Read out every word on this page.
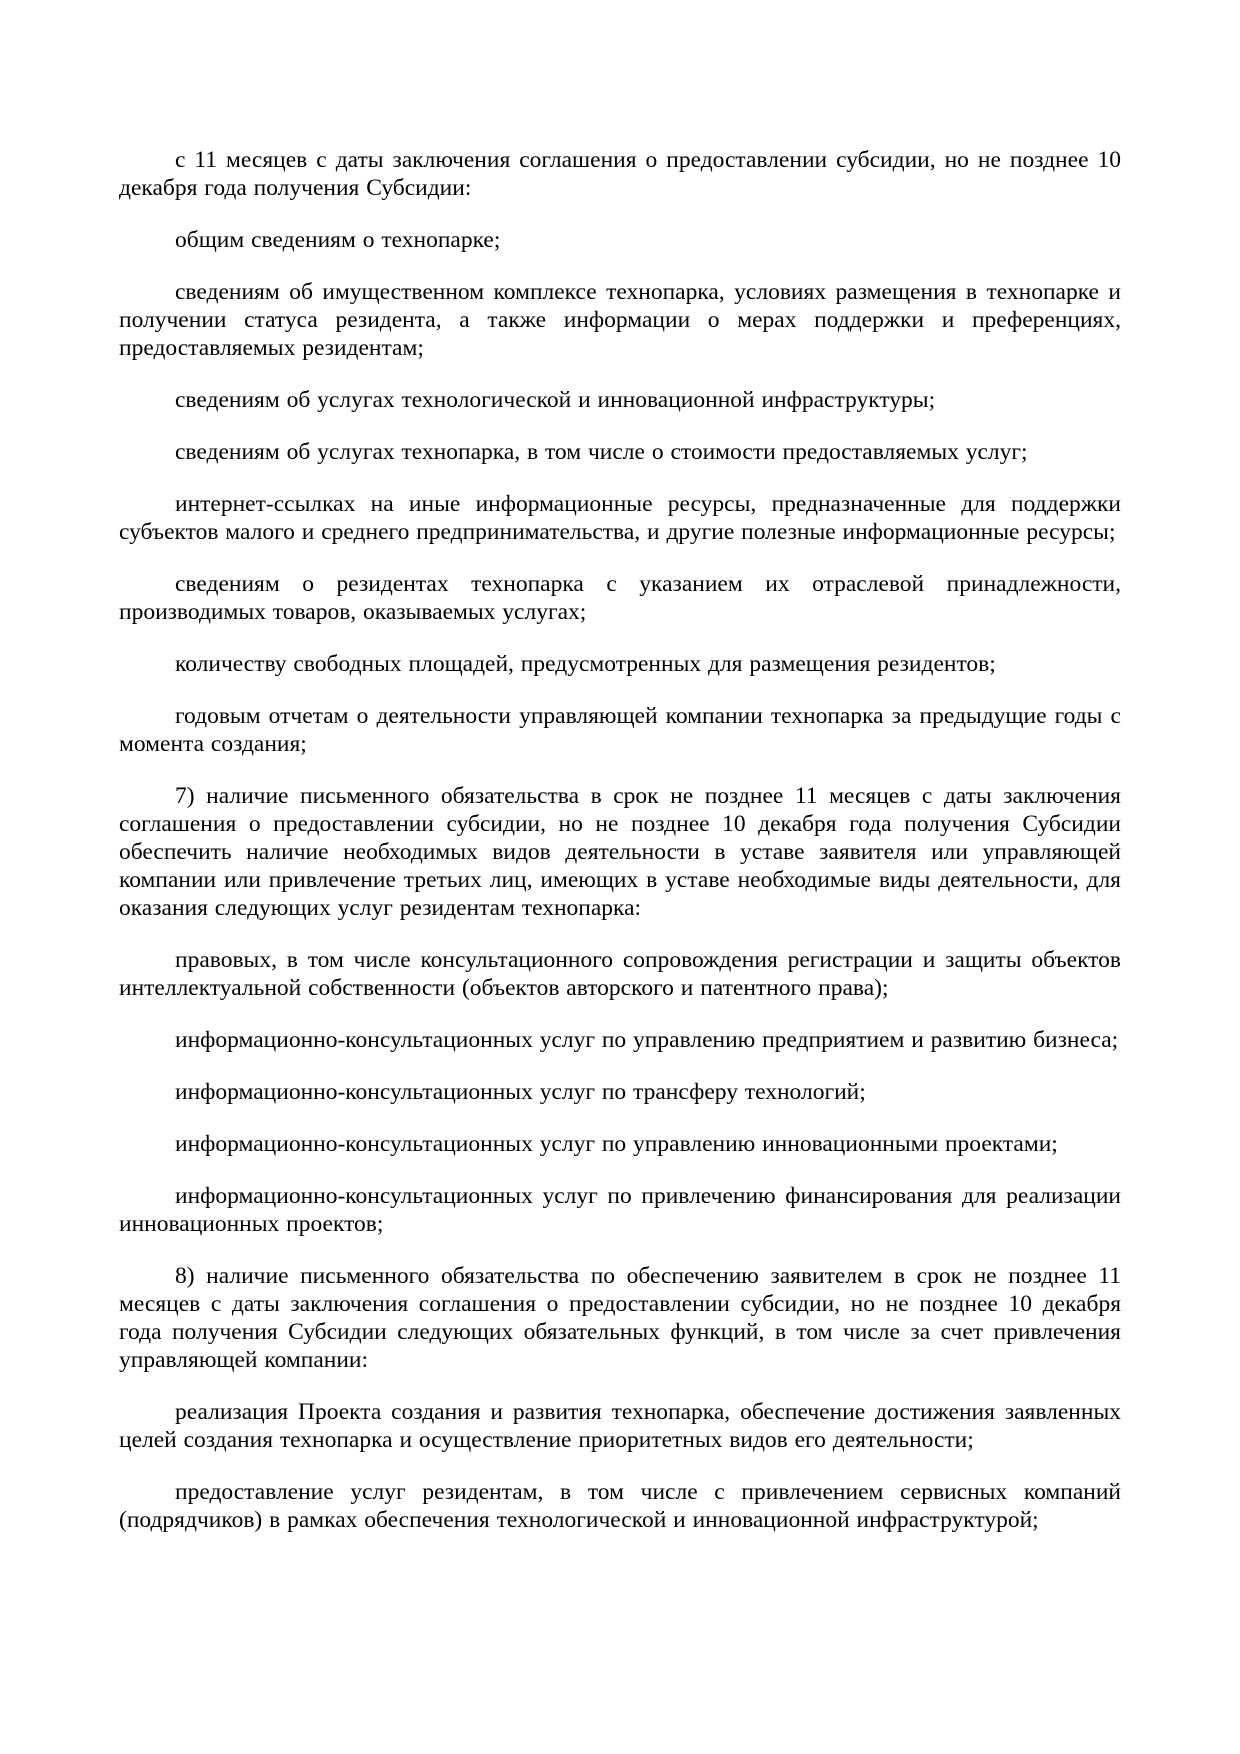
с 11 месяцев с даты заключения соглашения о предоставлении субсидии, но не позднее 10 декабря года получения Субсидии:

общим сведениям о технопарке;

сведениям об имущественном комплексе технопарка, условиях размещения в технопарке и получении статуса резидента, а также информации о мерах поддержки и преференциях, предоставляемых резидентам;

сведениям об услугах технологической и инновационной инфраструктуры;

сведениям об услугах технопарка, в том числе о стоимости предоставляемых услуг;

интернет-ссылках на иные информационные ресурсы, предназначенные для поддержки субъектов малого и среднего предпринимательства, и другие полезные информационные ресурсы;

сведениям о резидентах технопарка с указанием их отраслевой принадлежности, производимых товаров, оказываемых услугах;

количеству свободных площадей, предусмотренных для размещения резидентов;

годовым отчетам о деятельности управляющей компании технопарка за предыдущие годы с момента создания;

7) наличие письменного обязательства в срок не позднее 11 месяцев с даты заключения соглашения о предоставлении субсидии, но не позднее 10 декабря года получения Субсидии обеспечить наличие необходимых видов деятельности в уставе заявителя или управляющей компании или привлечение третьих лиц, имеющих в уставе необходимые виды деятельности, для оказания следующих услуг резидентам технопарка:

правовых, в том числе консультационного сопровождения регистрации и защиты объектов интеллектуальной собственности (объектов авторского и патентного права);

информационно-консультационных услуг по управлению предприятием и развитию бизнеса;

информационно-консультационных услуг по трансферу технологий;

информационно-консультационных услуг по управлению инновационными проектами;

информационно-консультационных услуг по привлечению финансирования для реализации инновационных проектов;

8) наличие письменного обязательства по обеспечению заявителем в срок не позднее 11 месяцев с даты заключения соглашения о предоставлении субсидии, но не позднее 10 декабря года получения Субсидии следующих обязательных функций, в том числе за счет привлечения управляющей компании:

реализация Проекта создания и развития технопарка, обеспечение достижения заявленных целей создания технопарка и осуществление приоритетных видов его деятельности;

предоставление услуг резидентам, в том числе с привлечением сервисных компаний (подрядчиков) в рамках обеспечения технологической и инновационной инфраструктурой;
